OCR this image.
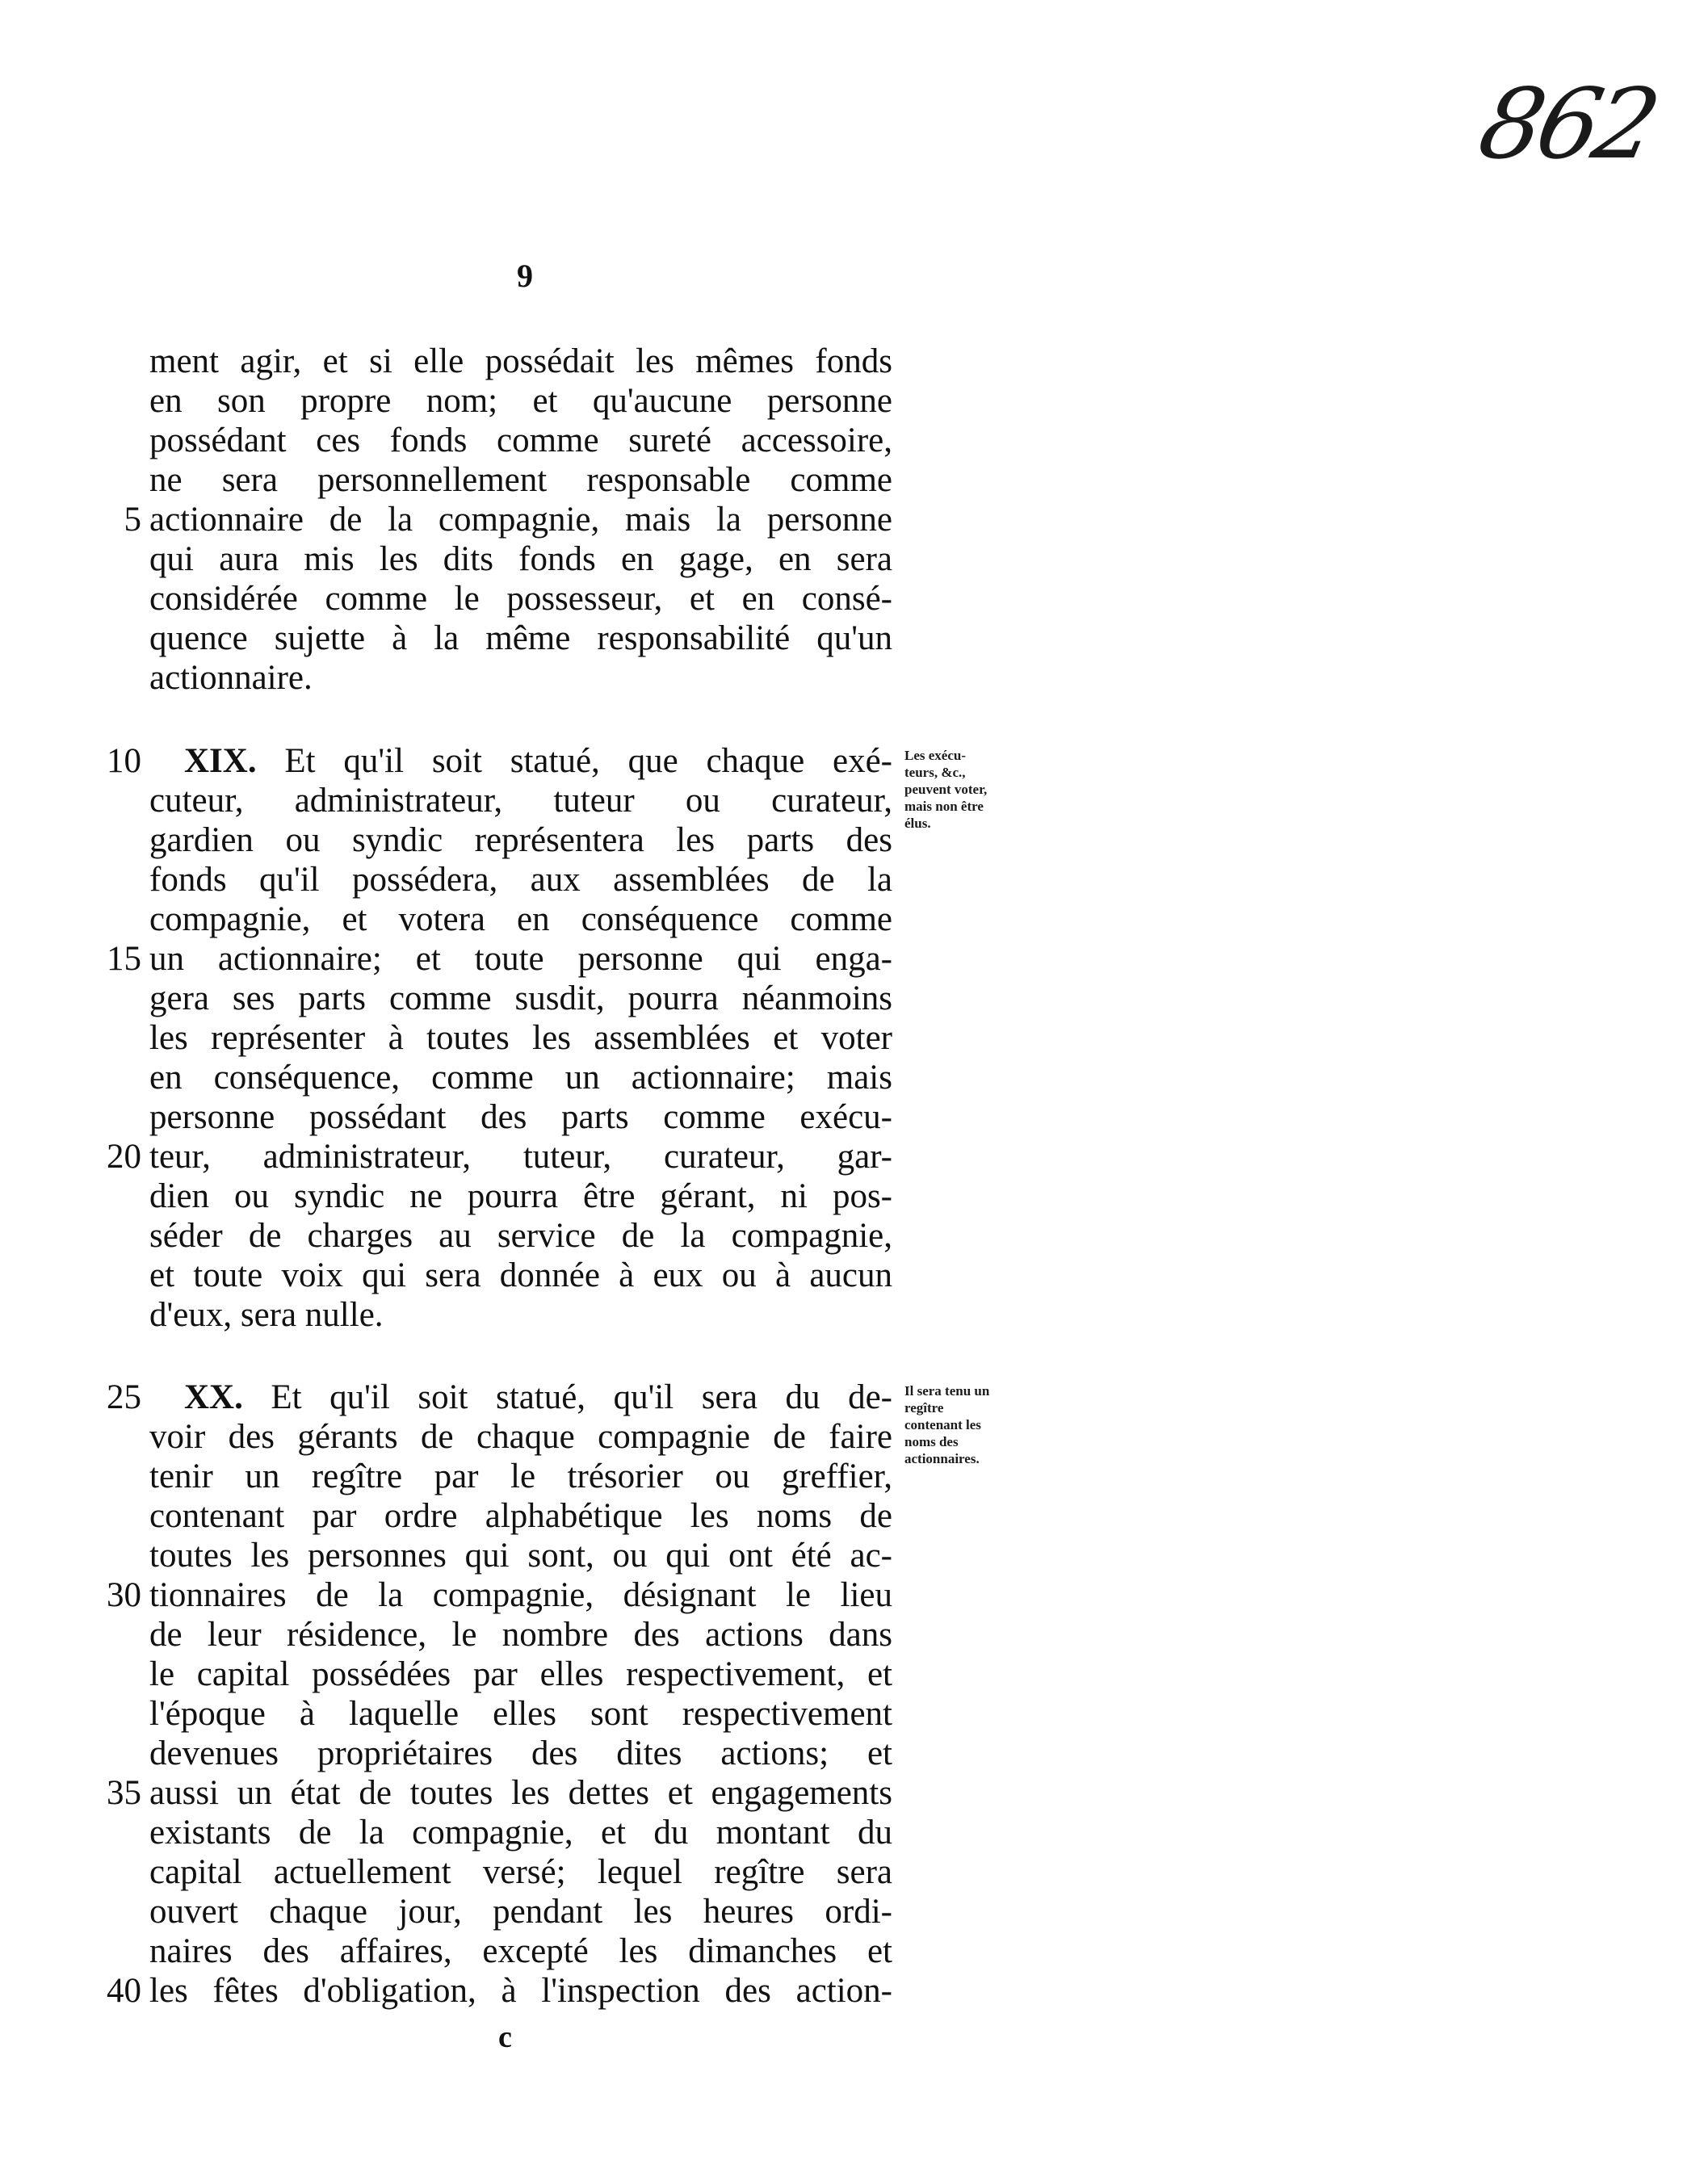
862
9
ment agir, et si elle possédait les mêmes fonds
en son propre nom; et qu'aucune personne
possédant ces fonds comme sureté accessoire,
ne sera personnellement responsable comme
5 actionnaire de la compagnie, mais la personne
qui aura mis les dits fonds en gage, en sera
considérée comme le possesseur, et en consé-
quence sujette à la même responsabilité qu'un
actionnaire.
10 XIX. Et qu'il soit statué, que chaque exé-
cuteur, administrateur, tuteur ou curateur,
gardien ou syndic représentera les parts des
fonds qu'il possédera, aux assemblées de la
compagnie, et votera en conséquence comme
15 un actionnaire; et toute personne qui enga-
gera ses parts comme susdit, pourra néanmoins
les représenter à toutes les assemblées et voter
en conséquence, comme un actionnaire; mais
personne possédant des parts comme exécu-
20 teur, administrateur, tuteur, curateur, gar-
dien ou syndic ne pourra être gérant, ni pos-
séder de charges au service de la compagnie,
et toute voix qui sera donnée à eux ou à aucun
d'eux, sera nulle.
Les exécu-
teurs, &c.,
peuvent voter,
mais non être
élus.
25 XX. Et qu'il soit statué, qu'il sera du de-
voir des gérants de chaque compagnie de faire
tenir un regître par le trésorier ou greffier,
contenant par ordre alphabétique les noms de
toutes les personnes qui sont, ou qui ont été ac-
30 tionnaires de la compagnie, désignant le lieu
de leur résidence, le nombre des actions dans
le capital possédées par elles respectivement, et
l'époque à laquelle elles sont respectivement
devenues propriétaires des dites actions; et
35 aussi un état de toutes les dettes et engagements
existants de la compagnie, et du montant du
capital actuellement versé; lequel regître sera
ouvert chaque jour, pendant les heures ordi-
naires des affaires, excepté les dimanches et
40 les fêtes d'obligation, à l'inspection des action-
Il sera tenu un
regître
contenant les
noms des
actionnaires.
c
